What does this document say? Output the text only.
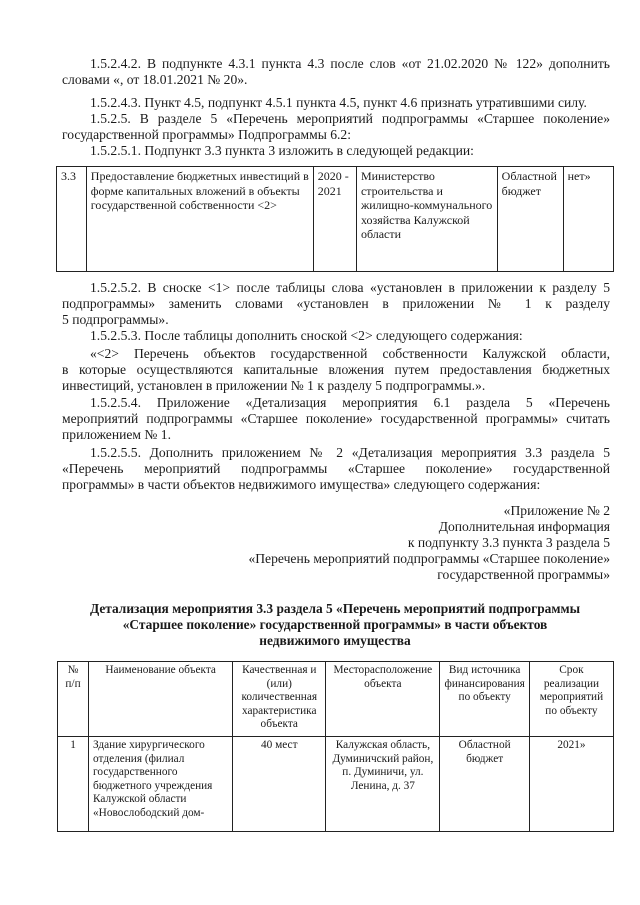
1.5.2.4.2. В подпункте 4.3.1 пункта 4.3 после слов «от 21.02.2020 № 122» дополнить

словами «, от 18.01.2021 № 20».

1.5.2.4.3. Пункт 4.5, подпункт 4.5.1 пункта 4.5, пункт 4.6 признать утратившими силу.

1.5.2.5. В разделе 5 «Перечень мероприятий подпрограммы «Старшее поколение»

государственной программы» Подпрограммы 6.2:

1.5.2.5.1. Подпункт 3.3 пункта 3 изложить в следующей редакции:

3.3	Предоставление бюджетных инвестиций в форме капитальных вложений в объекты государственной собственности <2>	2020 - 2021	Министерство строительства и жилищно-коммунального хозяйства Калужской области	Областной бюджет	нет»

1.5.2.5.2. В сноске <1> после таблицы слова «установлен в приложении к разделу 5

подпрограммы» заменить словами «установлен в приложении № 1 к разделу

5 подпрограммы».

1.5.2.5.3. После таблицы дополнить сноской <2> следующего содержания:

«<2> Перечень объектов государственной собственности Калужской области,

в которые осуществляются капитальные вложения путем предоставления бюджетных

инвестиций, установлен в приложении № 1 к разделу 5 подпрограммы.».

1.5.2.5.4. Приложение «Детализация мероприятия 6.1 раздела 5 «Перечень

мероприятий подпрограммы «Старшее поколение» государственной программы» считать

приложением № 1.

1.5.2.5.5. Дополнить приложением № 2 «Детализация мероприятия 3.3 раздела 5

«Перечень мероприятий подпрограммы «Старшее поколение» государственной

программы» в части объектов недвижимого имущества» следующего содержания:

«Приложение № 2

Дополнительная информация

к подпункту 3.3 пункта 3 раздела 5

«Перечень мероприятий подпрограммы «Старшее поколение»

государственной программы»

Детализация мероприятия 3.3 раздела 5 «Перечень мероприятий подпрограммы

«Старшее поколение» государственной программы» в части объектов

недвижимого имущества

№ п/п	Наименование объекта	Качественная и (или) количественная характеристика объекта	Месторасположение объекта	Вид источника финансирования по объекту	Срок реализации мероприятий по объекту
1	Здание хирургического отделения (филиал государственного бюджетного учреждения Калужской области «Новослободский дом-	40 мест	Калужская область, Думиничский район, п. Думиничи, ул. Ленина, д. 37	Областной бюджет	2021»
